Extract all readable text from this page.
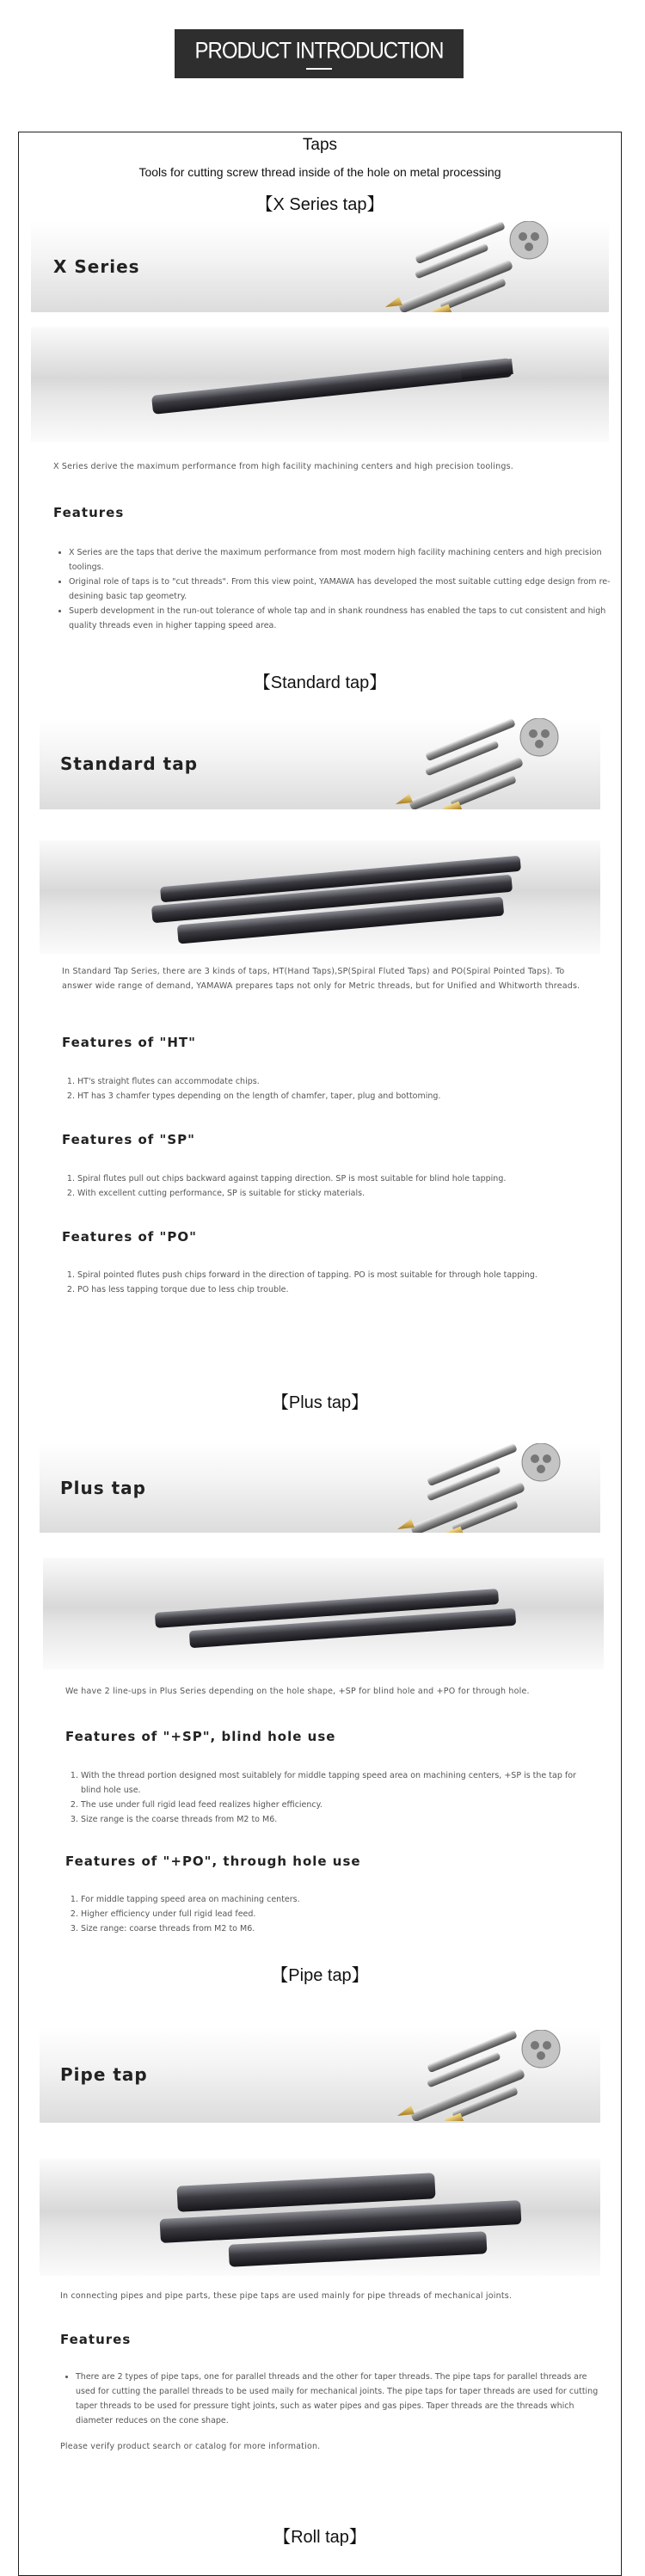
PRODUCT INTRODUCTION
Taps
Tools for cutting screw thread inside of the hole on metal processing
【X Series tap】
X Series
X Series derive the maximum performance from high facility machining centers and high precision toolings.
Features
• X Series are the taps that derive the maximum performance from most modern high facility machining centers and high precision toolings.
• Original role of taps is to "cut threads". From this view point, YAMAWA has developed the most suitable cutting edge design from re-desining basic tap geometry.
• Superb development in the run-out tolerance of whole tap and in shank roundness has enabled the taps to cut consistent and high quality threads even in higher tapping speed area.
【Standard tap】
Standard tap
In Standard Tap Series, there are 3 kinds of taps, HT(Hand Taps),SP(Spiral Fluted Taps) and PO(Spiral Pointed Taps). To answer wide range of demand, YAMAWA prepares taps not only for Metric threads, but for Unified and Whitworth threads.
Features of "HT"
1. HT's straight flutes can accommodate chips.
2. HT has 3 chamfer types depending on the length of chamfer, taper, plug and bottoming.
Features of "SP"
1. Spiral flutes pull out chips backward against tapping direction. SP is most suitable for blind hole tapping.
2. With excellent cutting performance, SP is suitable for sticky materials.
Features of "PO"
1. Spiral pointed flutes push chips forward in the direction of tapping. PO is most suitable for through hole tapping.
2. PO has less tapping torque due to less chip trouble.
【Plus tap】
Plus tap
We have 2 line-ups in Plus Series depending on the hole shape, +SP for blind hole and +PO for through hole.
Features of "+SP", blind hole use
1. With the thread portion designed most suitablely for middle tapping speed area on machining centers, +SP is the tap for blind hole use.
2. The use under full rigid lead feed realizes higher efficiency.
3. Size range is the coarse threads from M2 to M6.
Features of "+PO", through hole use
1. For middle tapping speed area on machining centers.
2. Higher efficiency under full rigid lead feed.
3. Size range: coarse threads from M2 to M6.
【Pipe tap】
Pipe tap
In connecting pipes and pipe parts, these pipe taps are used mainly for pipe threads of mechanical joints.
Features
• There are 2 types of pipe taps, one for parallel threads and the other for taper threads. The pipe taps for parallel threads are used for cutting the parallel threads to be used maily for mechanical joints. The pipe taps for taper threads are used for cutting taper threads to be used for pressure tight joints, such as water pipes and gas pipes. Taper threads are the threads which diameter reduces on the cone shape.
Please verify product search or catalog for more information.
【Roll tap】
